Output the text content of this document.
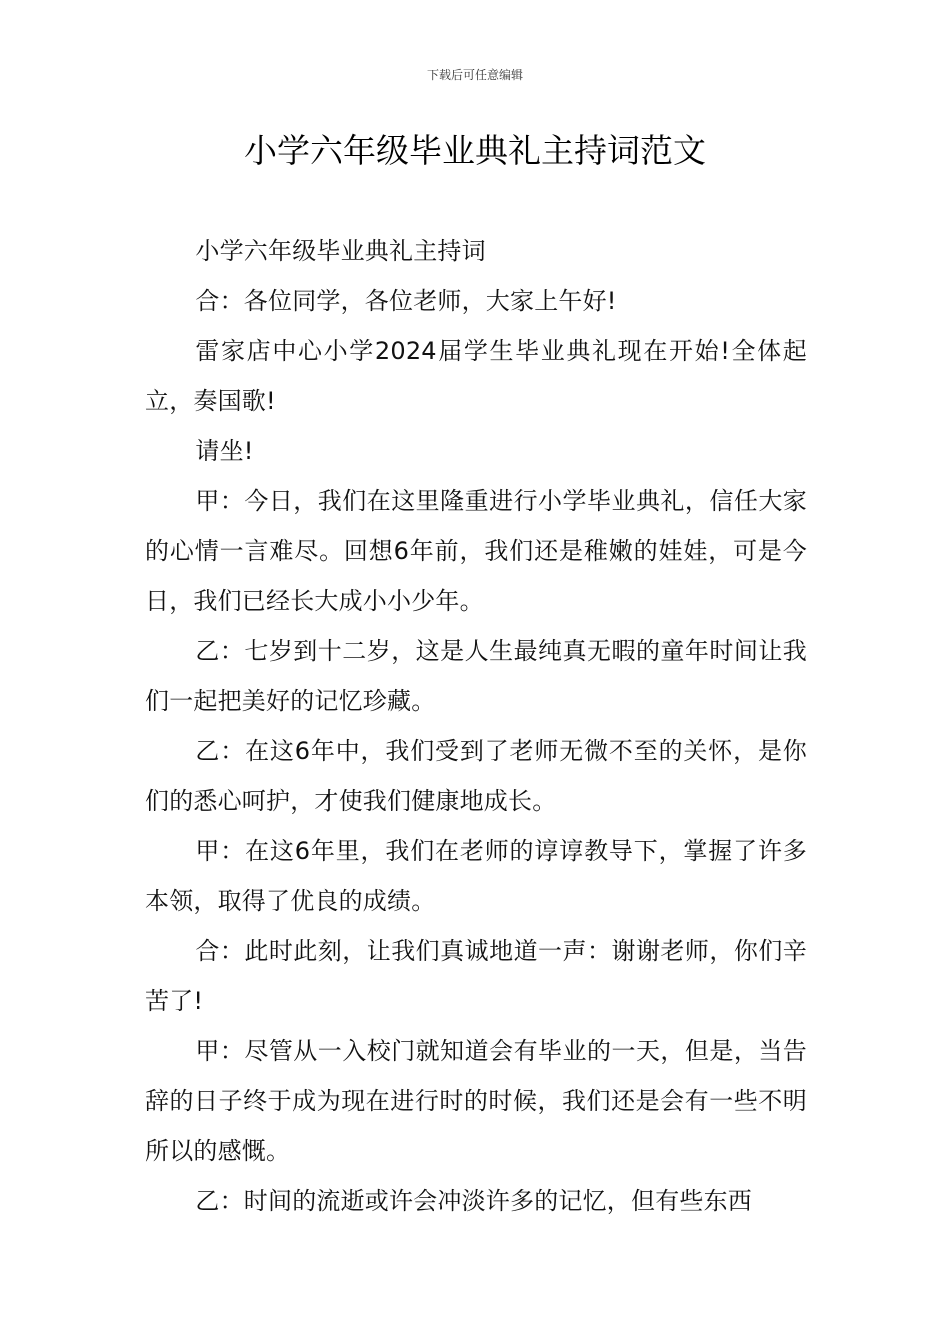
下载后可任意编辑
小学六年级毕业典礼主持词范文

小学六年级毕业典礼主持词

合：各位同学，各位老师，大家上午好!

雷家店中心小学2024届学生毕业典礼现在开始!全体起立，奏国歌!

请坐!

甲：今日，我们在这里隆重进行小学毕业典礼，信任大家的心情一言难尽。回想6年前，我们还是稚嫩的娃娃，可是今日，我们已经长大成小小少年。

乙：七岁到十二岁，这是人生最纯真无暇的童年时间让我们一起把美好的记忆珍藏。

乙：在这6年中，我们受到了老师无微不至的关怀，是你们的悉心呵护，才使我们健康地成长。

甲：在这6年里，我们在老师的谆谆教导下，掌握了许多本领，取得了优良的成绩。

合：此时此刻，让我们真诚地道一声：谢谢老师，你们辛苦了!

甲：尽管从一入校门就知道会有毕业的一天，但是，当告辞的日子终于成为现在进行时的时候，我们还是会有一些不明所以的感慨。

乙：时间的流逝或许会冲淡许多的记忆，但有些东西
